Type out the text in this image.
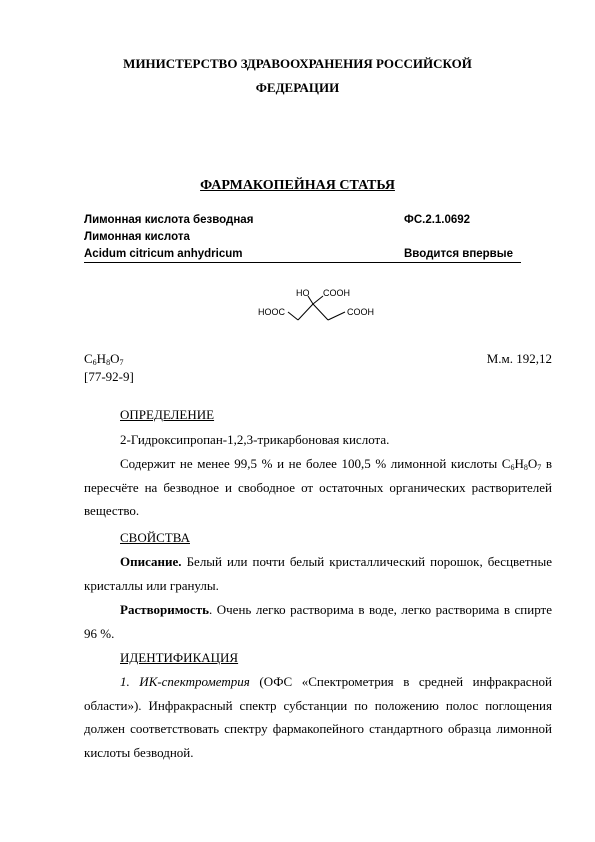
МИНИСТЕРСТВО ЗДРАВООХРАНЕНИЯ РОССИЙСКОЙ
ФЕДЕРАЦИИ
ФАРМАКОПЕЙНАЯ СТАТЬЯ
Лимонная кислота безводная	ФС.2.1.0692
Лимонная кислота
Acidum citricum anhydricum	Вводится впервые
HO COOH
HOOC	COOH
$C_6H_8O_7$	М.м. 192,12
[77-92-9]
ОПРЕДЕЛЕНИЕ
2-Гидроксипропан-1,2,3-трикарбоновая кислота.
Содержит не менее 99,5 % и не более 100,5 % лимонной кислоты $C_6H_8O_7$ в пересчёте на безводное и свободное от остаточных органических растворителей вещество.
СВОЙСТВА
Описание. Белый или почти белый кристаллический порошок, бесцветные кристаллы или гранулы.
Растворимость. Очень легко растворима в воде, легко растворима в спирте 96 %.
ИДЕНТИФИКАЦИЯ
1. ИК-спектрометрия (ОФС «Спектрометрия в средней инфракрасной области»). Инфракрасный спектр субстанции по положению полос поглощения должен соответствовать спектру фармакопейного стандартного образца лимонной кислоты безводной.
